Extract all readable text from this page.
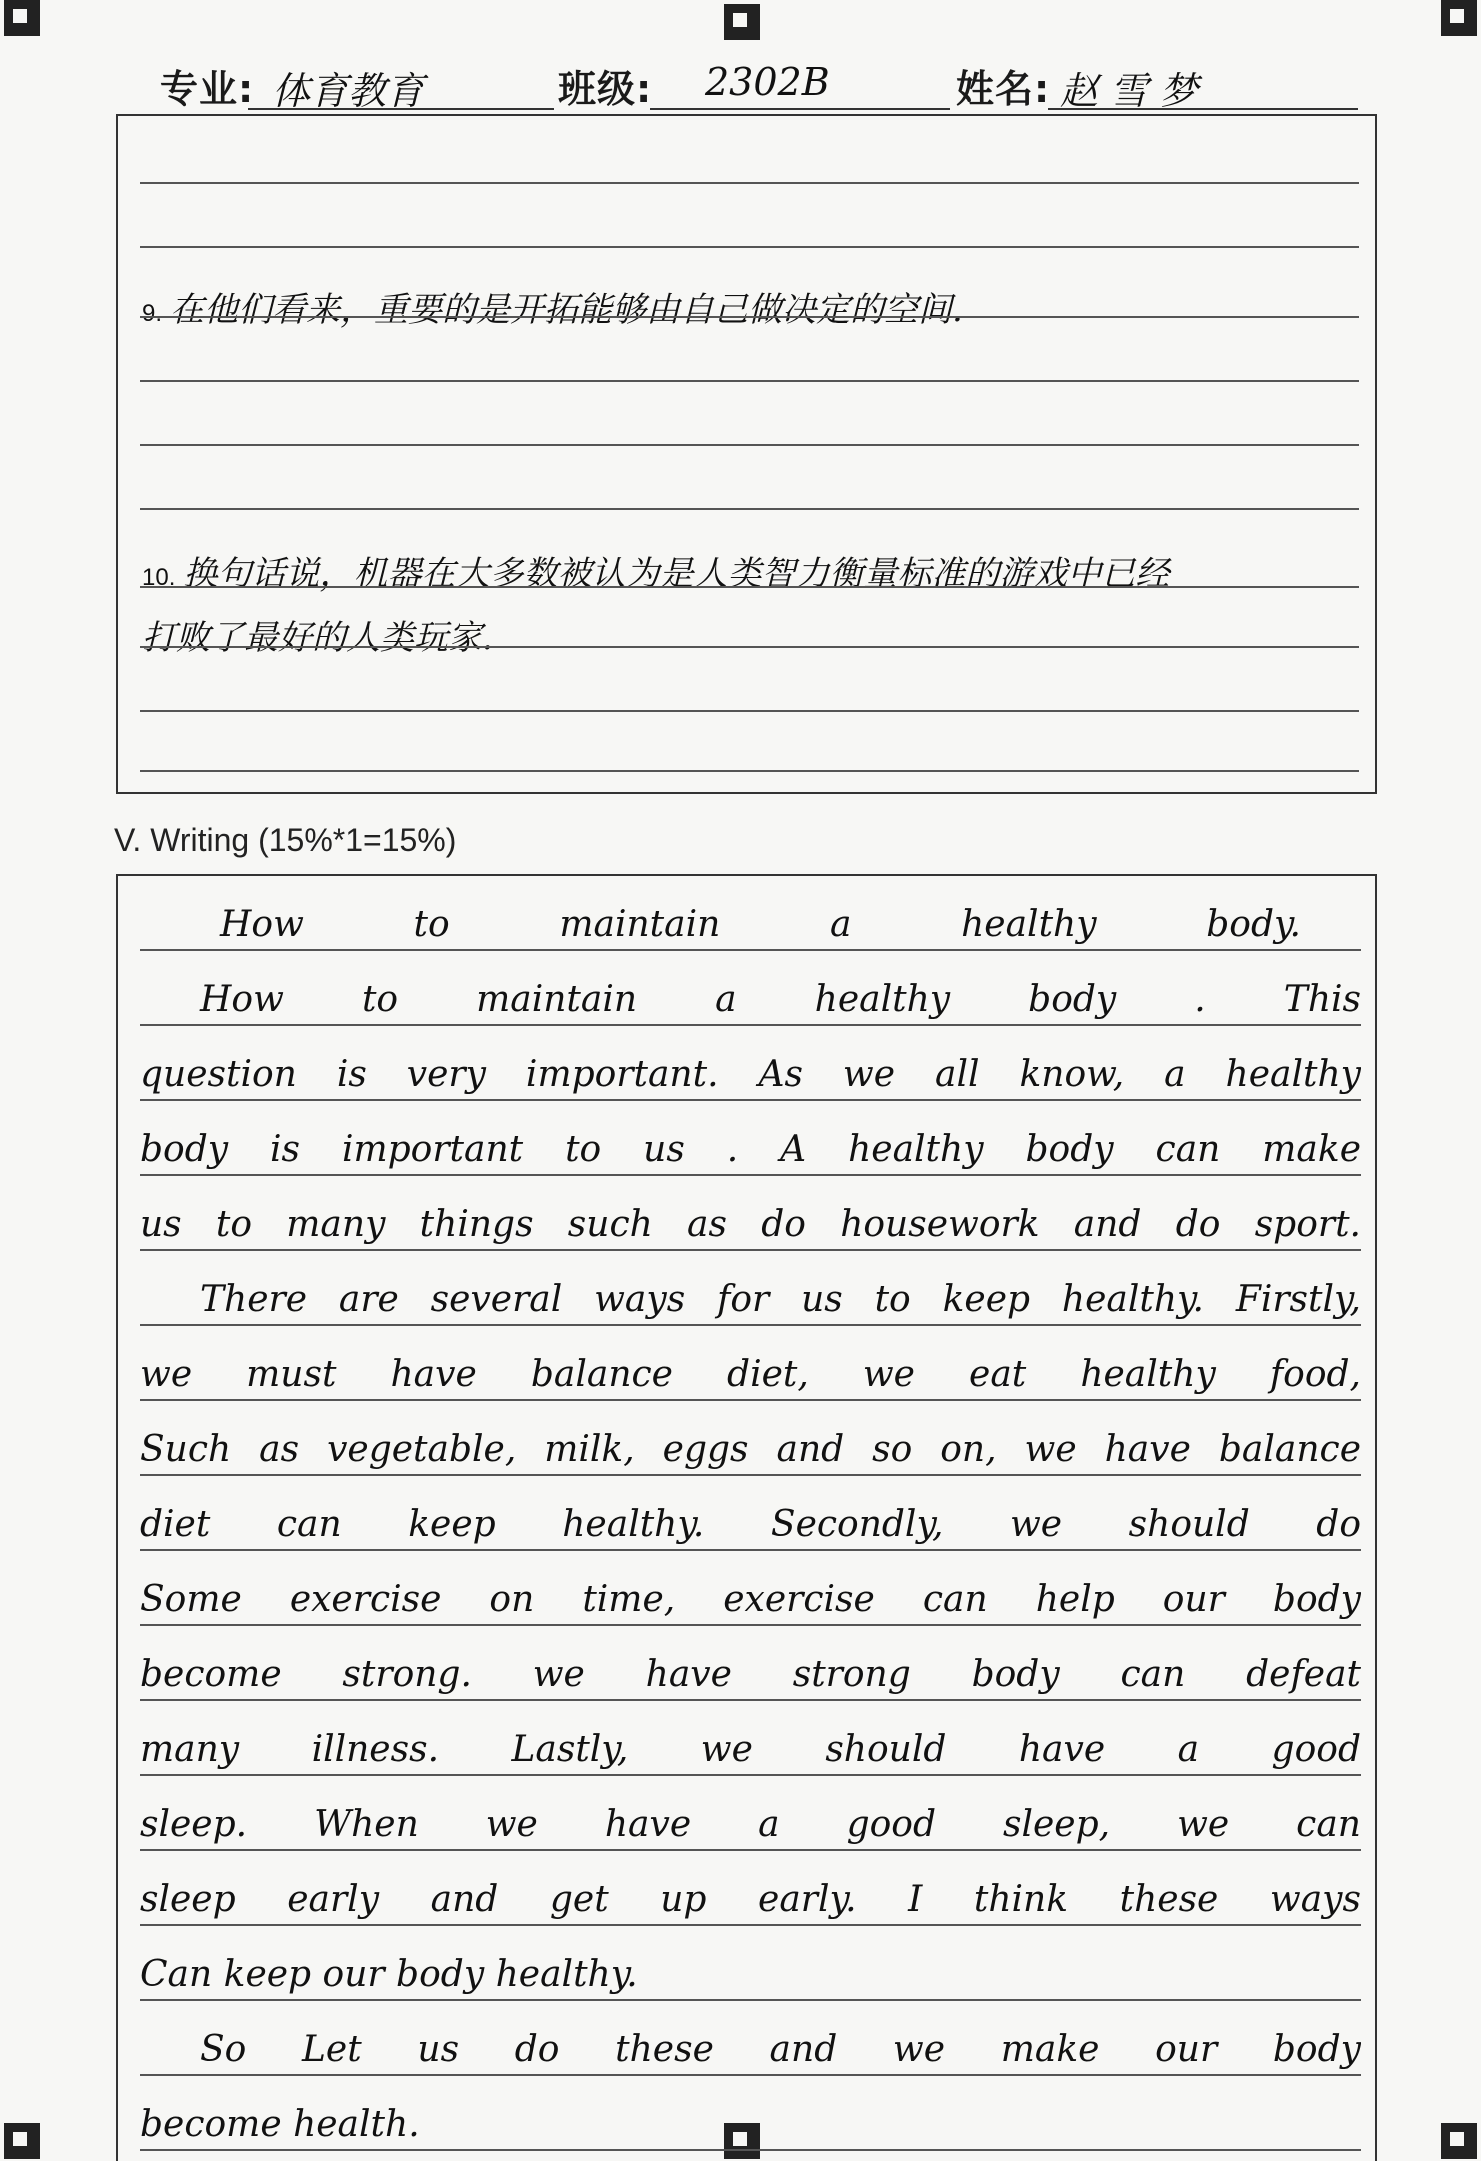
专业: 体育教育	班级: 2302B	姓名: 赵雪梦
9. 在他们看来，重要的是开拓能够由自己做决定的空间.
10. 换句话说，机器在大多数被认为是人类智力衡量标准的游戏中已经
打败了最好的人类玩家.
V. Writing (15%*1=15%)
How to maintain a healthy body.
How to maintain a healthy body . This
question is very important. As we all know, a healthy
body is important to us . A healthy body can make
us to many things such as do housework and do sport.
There are several ways for us to keep healthy. Firstly,
we must have balance diet, we eat healthy food,
Such as vegetable, milk, eggs and so on, we have balance
diet can keep healthy. Secondly, we should do
Some exercise on time, exercise can help our body
become strong. we have strong body can defeat
many illness. Lastly, we should have a good
sleep. When we have a good sleep, we can
sleep early and get up early. I think these ways
Can keep our body healthy.
So Let us do these and we make our body
become health.
